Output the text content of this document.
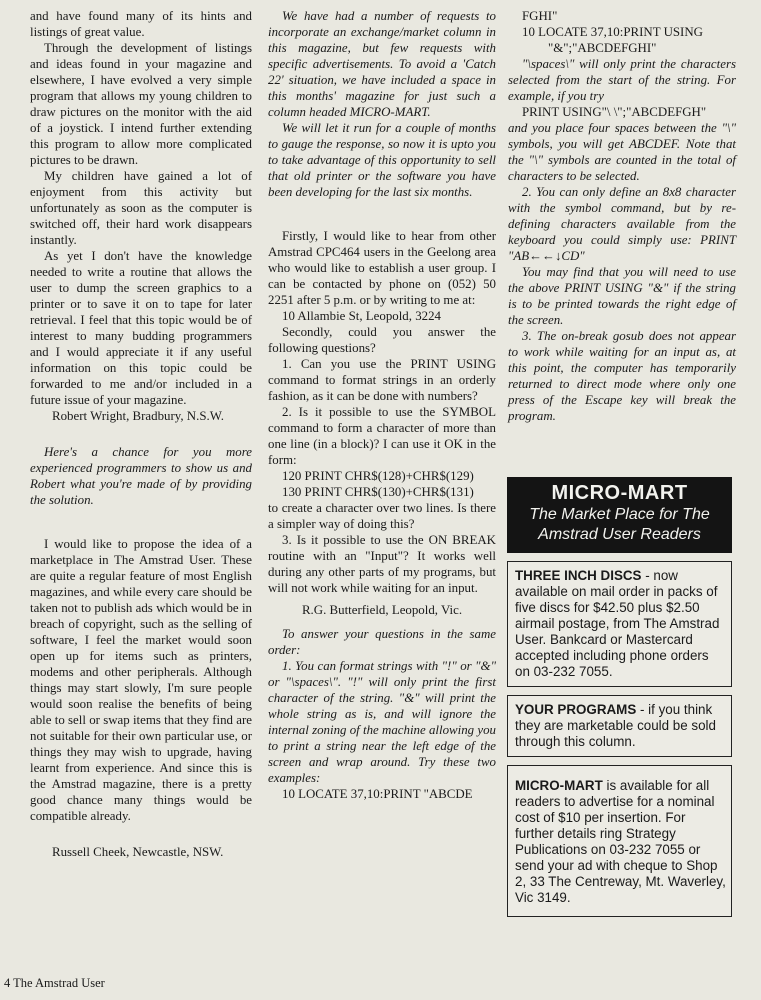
and have found many of its hints and listings of great value.

Through the development of listings and ideas found in your magazine and elsewhere, I have evolved a very simple program that allows my young children to draw pictures on the monitor with the aid of a joystick. I intend further extending this program to allow more complicated pictures to be drawn.

My children have gained a lot of enjoyment from this activity but unfortunately as soon as the computer is switched off, their hard work disappears instantly.

As yet I don't have the knowledge needed to write a routine that allows the user to dump the screen graphics to a printer or to save it on to tape for later retrieval. I feel that this topic would be of interest to many budding programmers and I would appreciate it if any useful information on this topic could be forwarded to me and/or included in a future issue of your magazine.

Robert Wright, Bradbury, N.S.W.

Here's a chance for you more experienced programmers to show us and Robert what you're made of by providing the solution.

I would like to propose the idea of a marketplace in The Amstrad User. These are quite a regular feature of most English magazines, and while every care should be taken not to publish ads which would be in breach of copyright, such as the selling of software, I feel the market would soon open up for items such as printers, modems and other peripherals. Although things may start slowly, I'm sure people would soon realise the benefits of being able to sell or swap items that they find are not suitable for their own particular use, or things they may wish to upgrade, having learnt from experience. And since this is the Amstrad magazine, there is a pretty good chance many things would be compatible already.

Russell Cheek, Newcastle, NSW.

We have had a number of requests to incorporate an exchange/market column in this magazine, but few requests with specific advertisements. To avoid a 'Catch 22' situation, we have included a space in this months' magazine for just such a column headed MICRO-MART.

We will let it run for a couple of months to gauge the response, so now it is upto you to take advantage of this opportunity to sell that old printer or the software you have been developing for the last six months.

Firstly, I would like to hear from other Amstrad CPC464 users in the Geelong area who would like to establish a user group. I can be contacted by phone on (052) 50 2251 after 5 p.m. or by writing to me at:

10 Allambie St, Leopold, 3224

Secondly, could you answer the following questions?

1. Can you use the PRINT USING command to format strings in an orderly fashion, as it can be done with numbers?

2. Is it possible to use the SYMBOL command to form a character of more than one line (in a block)? I can use it OK in the form:

120 PRINT CHR$(128)+CHR$(129)

130 PRINT CHR$(130)+CHR$(131)

to create a character over two lines. Is there a simpler way of doing this?

3. Is it possible to use the ON BREAK routine with an "Input"? It works well during any other parts of my programs, but will not work while waiting for an input.

R.G. Butterfield, Leopold, Vic.

To answer your questions in the same order:

1. You can format strings with "!" or "&" or "\spaces\". "!" will only print the first character of the string. "&" will print the whole string as is, and will ignore the internal zoning of the machine allowing you to print a string near the left edge of the screen and wrap around. Try these two examples:

10 LOCATE 37,10:PRINT "ABCDE

FGHI"

10 LOCATE 37,10:PRINT USING

"&";"ABCDEFGHI"

"\spaces\" will only print the characters selected from the start of the string. For example, if you try

PRINT USING"\ \";"ABCDEFGH"

and you place four spaces between the "\" symbols, you will get ABCDEF. Note that the "\" symbols are counted in the total of characters to be selected.

2. You can only define an 8x8 character with the symbol command, but by re-defining characters available from the keyboard you could simply use: PRINT "AB←←↓CD"

You may find that you will need to use the above PRINT USING "&" if the string is to be printed towards the right edge of the screen.

3. The on-break gosub does not appear to work while waiting for an input as, at this point, the computer has temporarily returned to direct mode where only one press of the Escape key will break the program.

MICRO-MART
The Market Place for The Amstrad User Readers
THREE INCH DISCS - now available on mail order in packs of five discs for $42.50 plus $2.50 airmail postage, from The Amstrad User. Bankcard or Mastercard accepted including phone orders on 03-232 7055.
YOUR PROGRAMS - if you think they are marketable could be sold through this column.
MICRO-MART is available for all readers to advertise for a nominal cost of $10 per insertion. For further details ring Strategy Publications on 03-232 7055 or send your ad with cheque to Shop 2, 33 The Centreway, Mt. Waverley, Vic 3149.
4 The Amstrad User
